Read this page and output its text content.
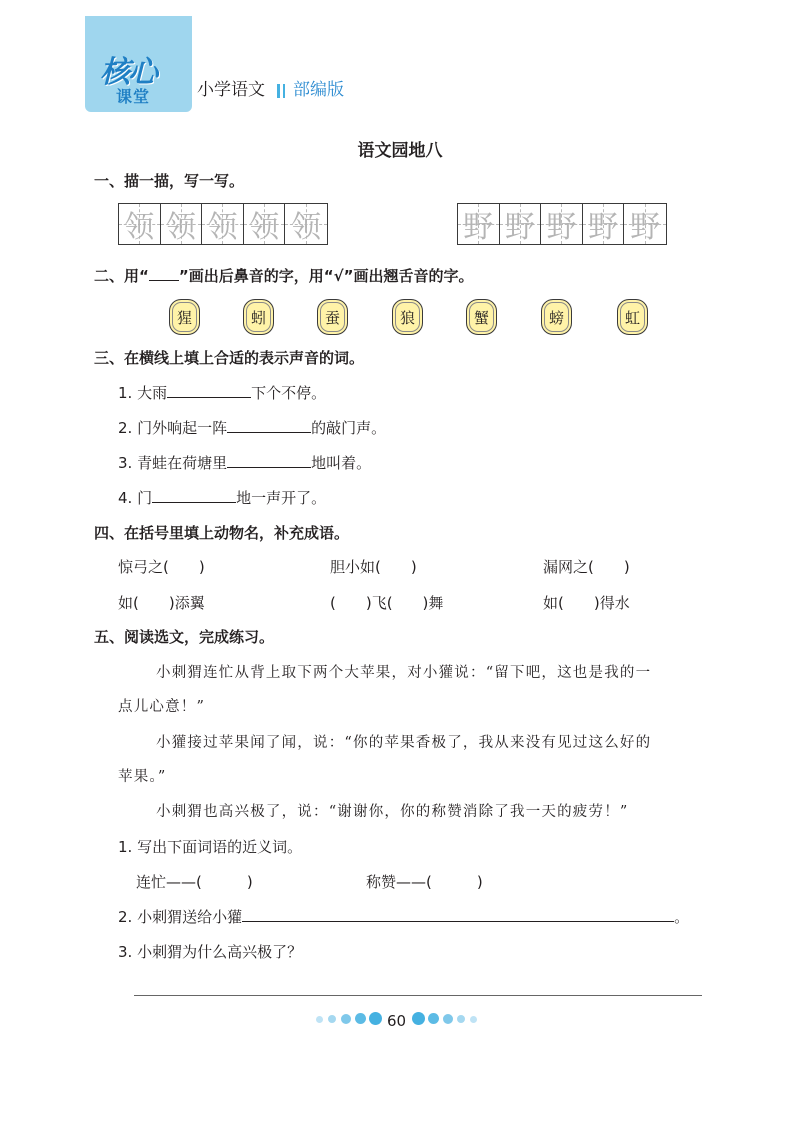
核心
课堂	小学语文 部编版
语文园地八
一、描一描，写一写。
领 领 领 领 领	野 野 野 野 野
二、用“ ”画出后鼻音的字，用“√”画出翘舌音的字。
猩	蚓	蚕	狼	蟹	螃	虹
三、在横线上填上合适的表示声音的词。
1. 大雨	下个不停。
2. 门外响起一阵	的敲门声。
3. 青蛙在荷塘里	地叫着。
4. 门	地一声开了。
四、在括号里填上动物名，补充成语。
惊弓之(　　)	胆小如(　　)	漏网之(　　)
如(　　)添翼	(　　)飞(　　)舞	如(　　)得水
五、阅读选文，完成练习。
小刺猬连忙从背上取下两个大苹果，对小獾说：“留下吧，这也是我的一
点儿心意！”
小獾接过苹果闻了闻，说：“你的苹果香极了，我从来没有见过这么好的
苹果。”
小刺猬也高兴极了，说：“谢谢你，你的称赞消除了我一天的疲劳！”
1. 写出下面词语的近义词。
连忙——(　　　)	称赞——(　　　)
2. 小刺猬送给小獾	。
3. 小刺猬为什么高兴极了？
60
